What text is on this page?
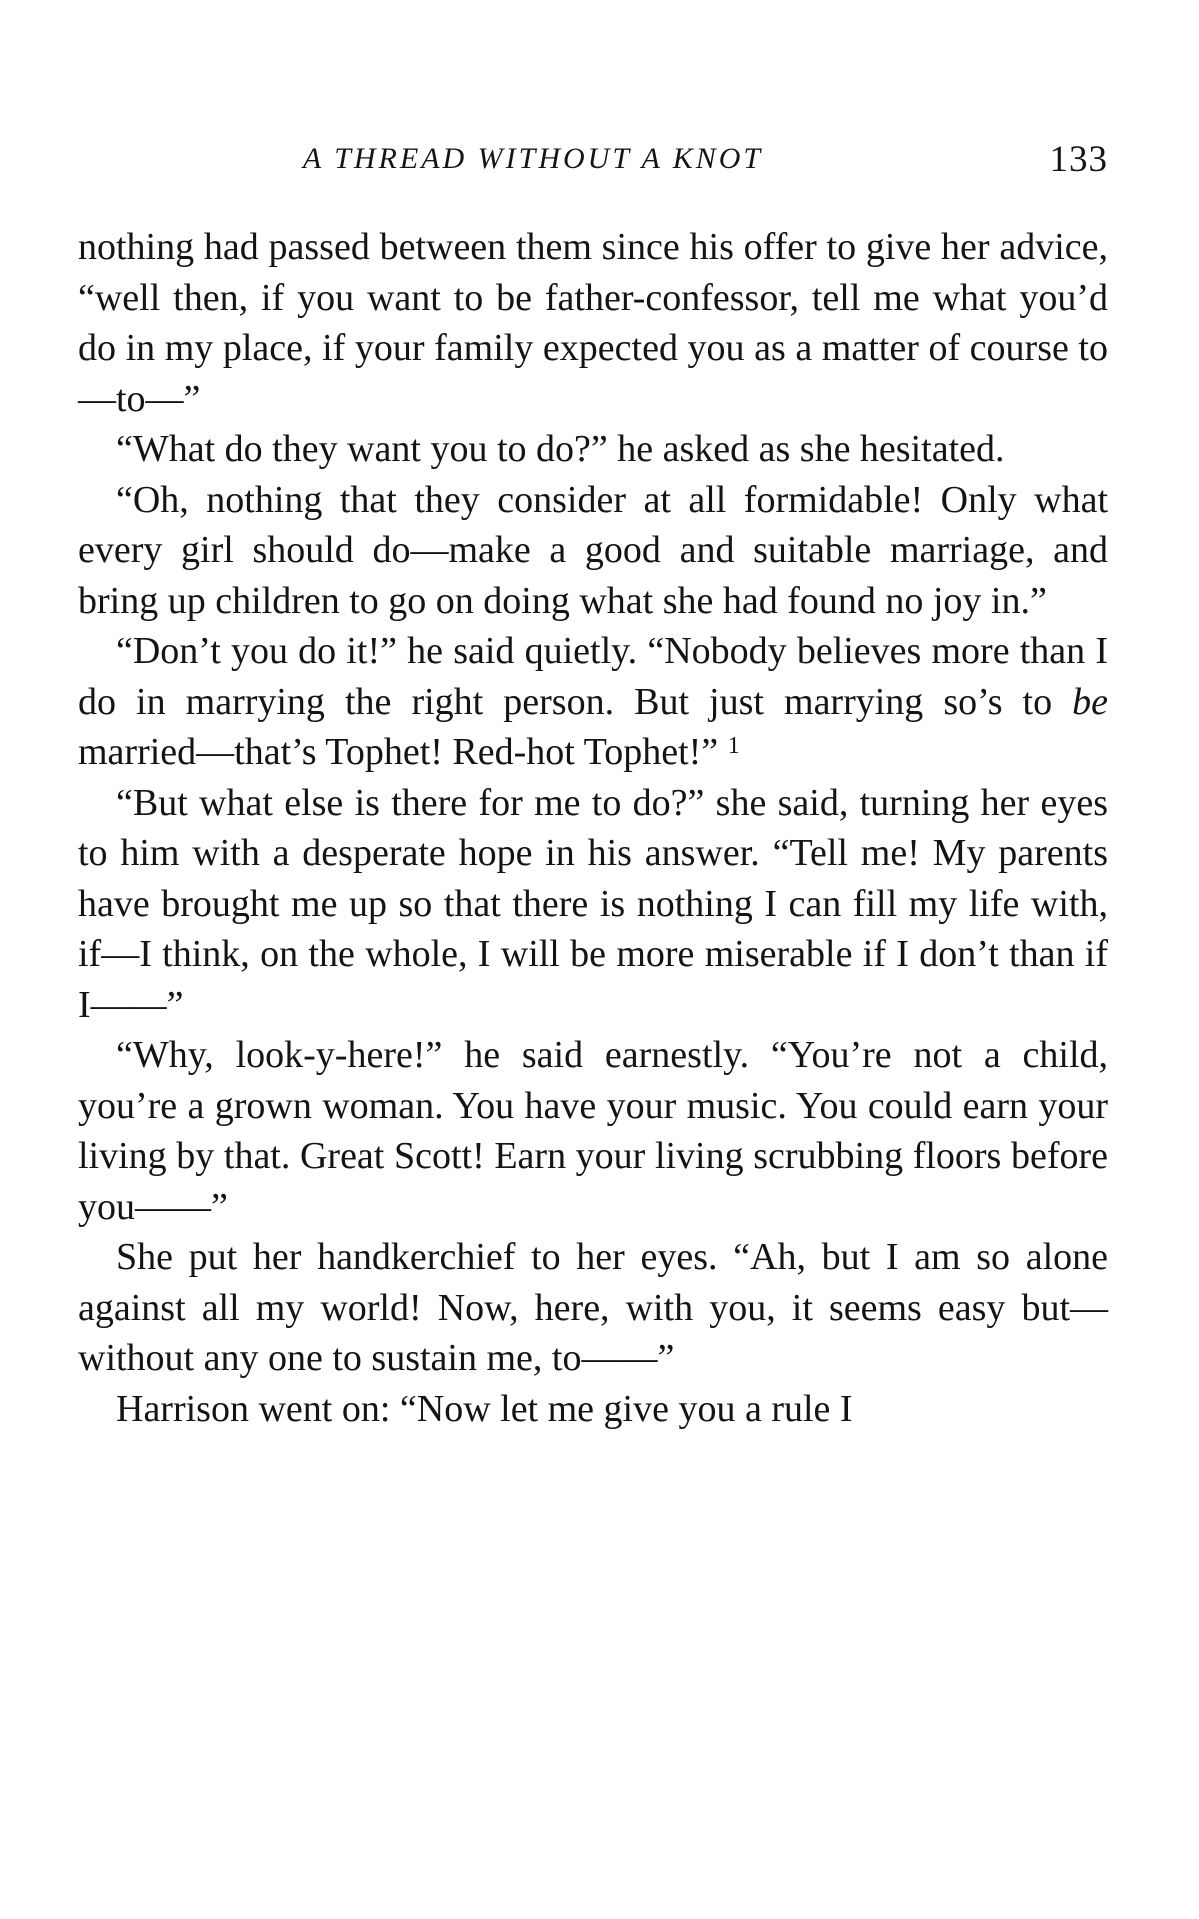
A THREAD WITHOUT A KNOT	133

nothing had passed between them since his offer to give her advice, “well then, if you want to be father-confessor, tell me what you’d do in my place, if your family expected you as a matter of course to—to—”

“What do they want you to do?” he asked as she hesitated.

“Oh, nothing that they consider at all formidable! Only what every girl should do—make a good and suitable marriage, and bring up children to go on doing what she had found no joy in.”

“Don’t you do it!” he said quietly. “Nobody believes more than I do in marrying the right person. But just marrying so’s to be married—that’s Tophet! Red-hot Tophet!” $^1$

“But what else is there for me to do?” she said, turning her eyes to him with a desperate hope in his answer. “Tell me! My parents have brought me up so that there is nothing I can fill my life with, if—I think, on the whole, I will be more miserable if I don’t than if I——”

“Why, look-y-here!” he said earnestly. “You’re not a child, you’re a grown woman. You have your music. You could earn your living by that. Great Scott! Earn your living scrubbing floors before you——”

She put her handkerchief to her eyes. “Ah, but I am so alone against all my world! Now, here, with you, it seems easy but—without any one to sustain me, to——”

Harrison went on: “Now let me give you a rule I
